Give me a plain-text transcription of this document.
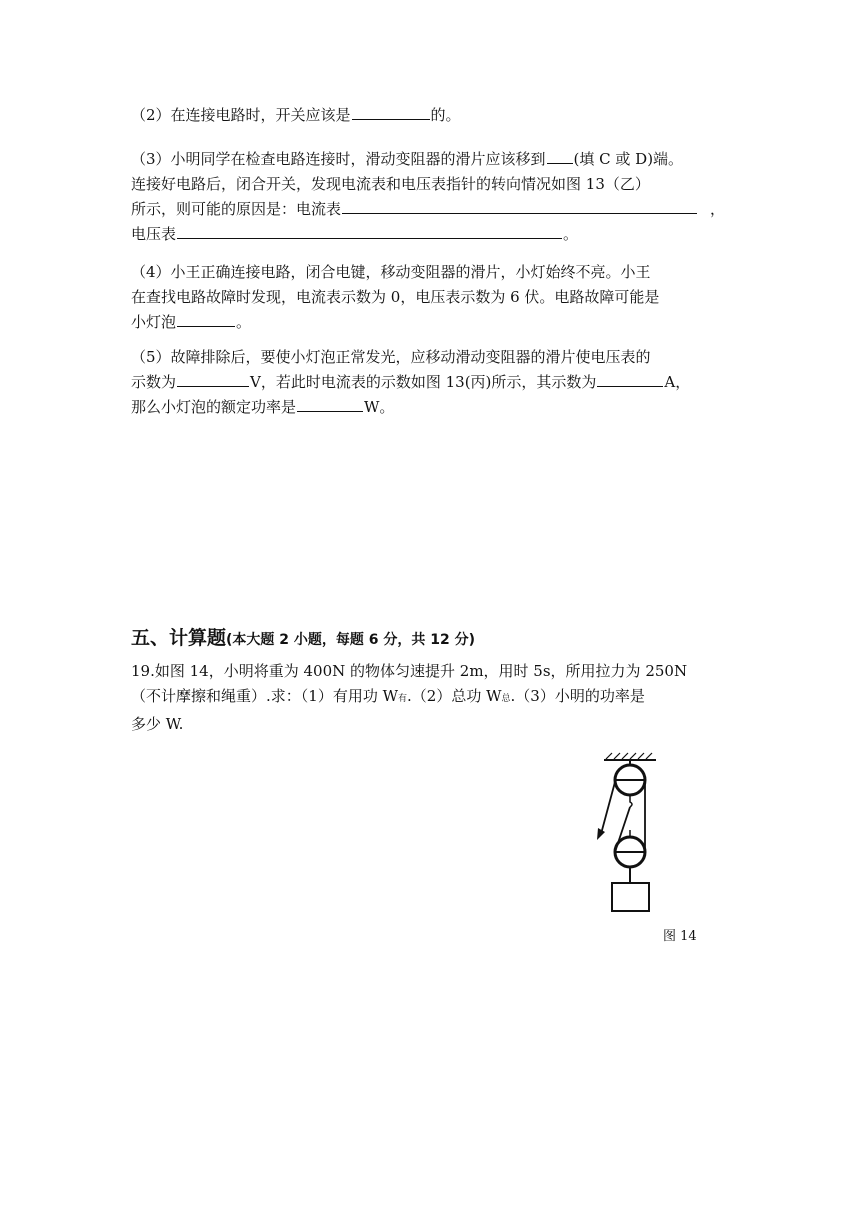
（2）在连接电路时，开关应该是	的。
（3）小明同学在检查电路连接时，滑动变阻器的滑片应该移到 (填 C 或 D)端。
连接好电路后，闭合开关，发现电流表和电压表指针的转向情况如图 13（乙）
所示，则可能的原因是：电流表	，
电压表	。
（4）小王正确连接电路，闭合电键，移动变阻器的滑片，小灯始终不亮。小王
在查找电路故障时发现，电流表示数为 0，电压表示数为 6 伏。电路故障可能是
小灯泡	。
（5）故障排除后，要使小灯泡正常发光，应移动滑动变阻器的滑片使电压表的
示数为	V，若此时电流表的示数如图 13(丙)所示，其示数为	A，
那么小灯泡的额定功率是	W。
五、计算题 (本大题 2 小题，每题 6 分，共 12 分)
19.如图 14，小明将重为 400N 的物体匀速提升 2m，用时 5s，所用拉力为 250N
（不计摩擦和绳重）.求：（1）有用功 W 有 .（2）总功 W 总 .（3）小明的功率是
多少 W.
图 14
